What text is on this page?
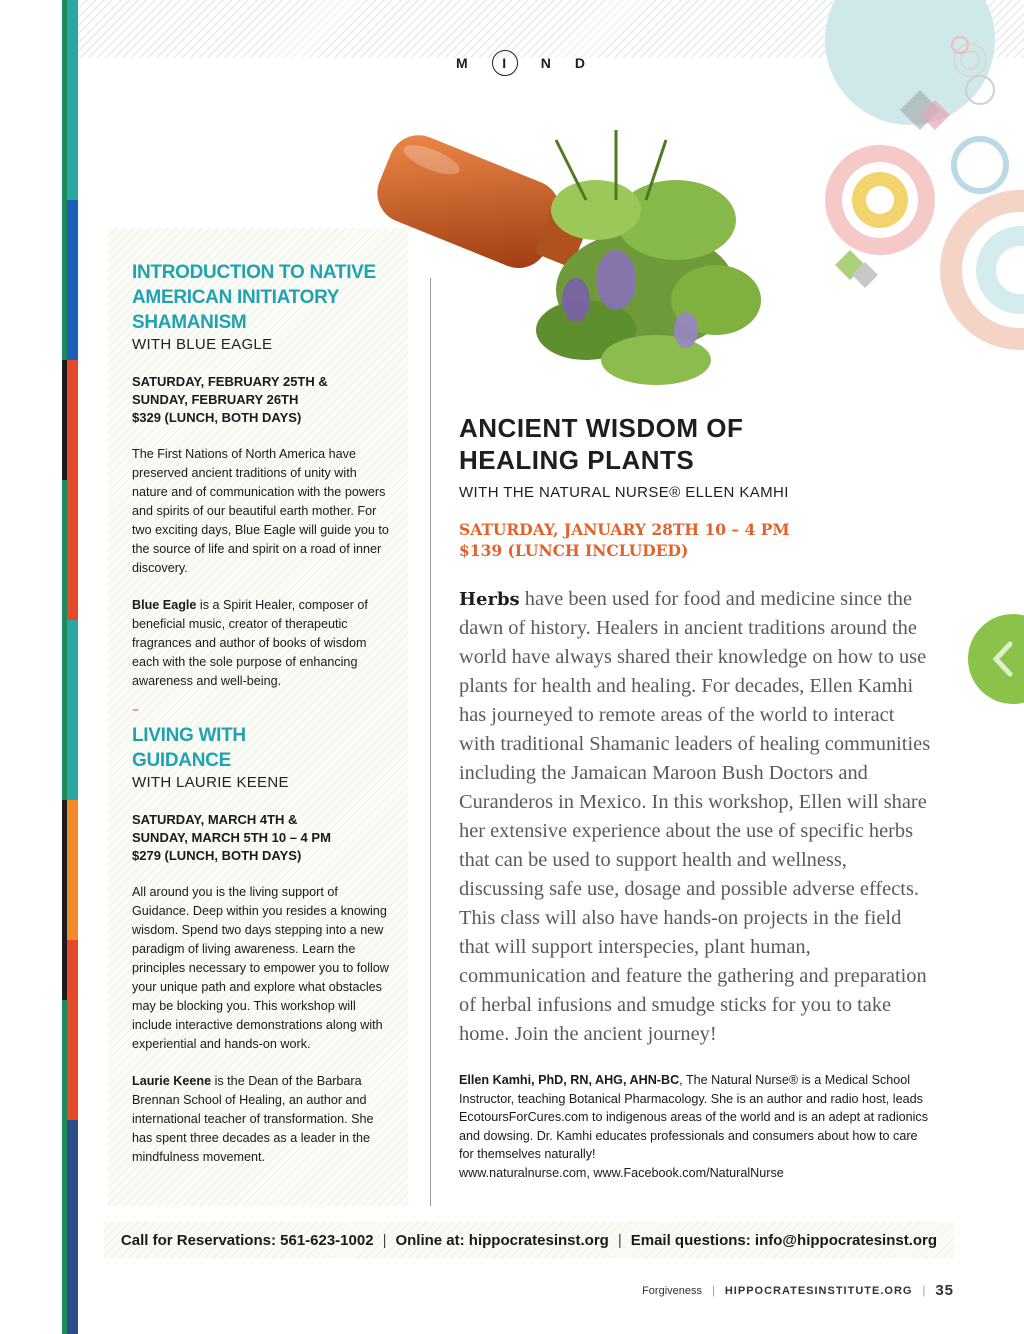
M	I	N D
INTRODUCTION TO NATIVE AMERICAN INITIATORY SHAMANISM
WITH BLUE EAGLE
SATURDAY, FEBRUARY 25TH &
SUNDAY, FEBRUARY 26TH
$329 (LUNCH, BOTH DAYS)
The First Nations of North America have preserved ancient traditions of unity with nature and of communication with the powers and spirits of our beautiful earth mother. For two exciting days, Blue Eagle will guide you to the source of life and spirit on a road of inner discovery.
Blue Eagle is a Spirit Healer, composer of beneficial music, creator of therapeutic fragrances and author of books of wisdom each with the sole purpose of enhancing awareness and well-being.
–
LIVING WITH GUIDANCE
WITH LAURIE KEENE
SATURDAY, MARCH 4TH &
SUNDAY, MARCH 5TH 10 – 4 PM
$279 (LUNCH, BOTH DAYS)
All around you is the living support of Guidance. Deep within you resides a knowing wisdom. Spend two days stepping into a new paradigm of living awareness. Learn the principles necessary to empower you to follow your unique path and explore what obstacles may be blocking you. This workshop will include interactive demonstrations along with experiential and hands-on work.
Laurie Keene is the Dean of the Barbara Brennan School of Healing, an author and international teacher of transformation. She has spent three decades as a leader in the mindfulness movement.
ANCIENT WISDOM OF
HEALING PLANTS
WITH THE NATURAL NURSE® ELLEN KAMHI
SATURDAY, JANUARY 28TH 10 – 4 PM
$139 (LUNCH INCLUDED)
Herbs have been used for food and medicine since the dawn of history. Healers in ancient traditions around the world have always shared their knowledge on how to use plants for health and healing. For decades, Ellen Kamhi has journeyed to remote areas of the world to interact with traditional Shamanic leaders of healing communities including the Jamaican Maroon Bush Doctors and Curanderos in Mexico. In this workshop, Ellen will share her extensive experience about the use of specific herbs that can be used to support health and wellness, discussing safe use, dosage and possible adverse effects. This class will also have hands-on projects in the field that will support interspecies, plant human, communication and feature the gathering and preparation of herbal infusions and smudge sticks for you to take home. Join the ancient journey!
Ellen Kamhi, PhD, RN, AHG, AHN-BC, The Natural Nurse® is a Medical School Instructor, teaching Botanical Pharmacology. She is an author and radio host, leads EcotoursForCures.com to indigenous areas of the world and is an adept at radionics and dowsing. Dr. Kamhi educates professionals and consumers about how to care for themselves naturally!
www.naturalnurse.com, www.Facebook.com/NaturalNurse
Call for Reservations: 561-623-1002 | Online at: hippocratesinst.org | Email questions: info@hippocratesinst.org
Forgiveness | HIPPOCRATESINSTITUTE.ORG | 35
